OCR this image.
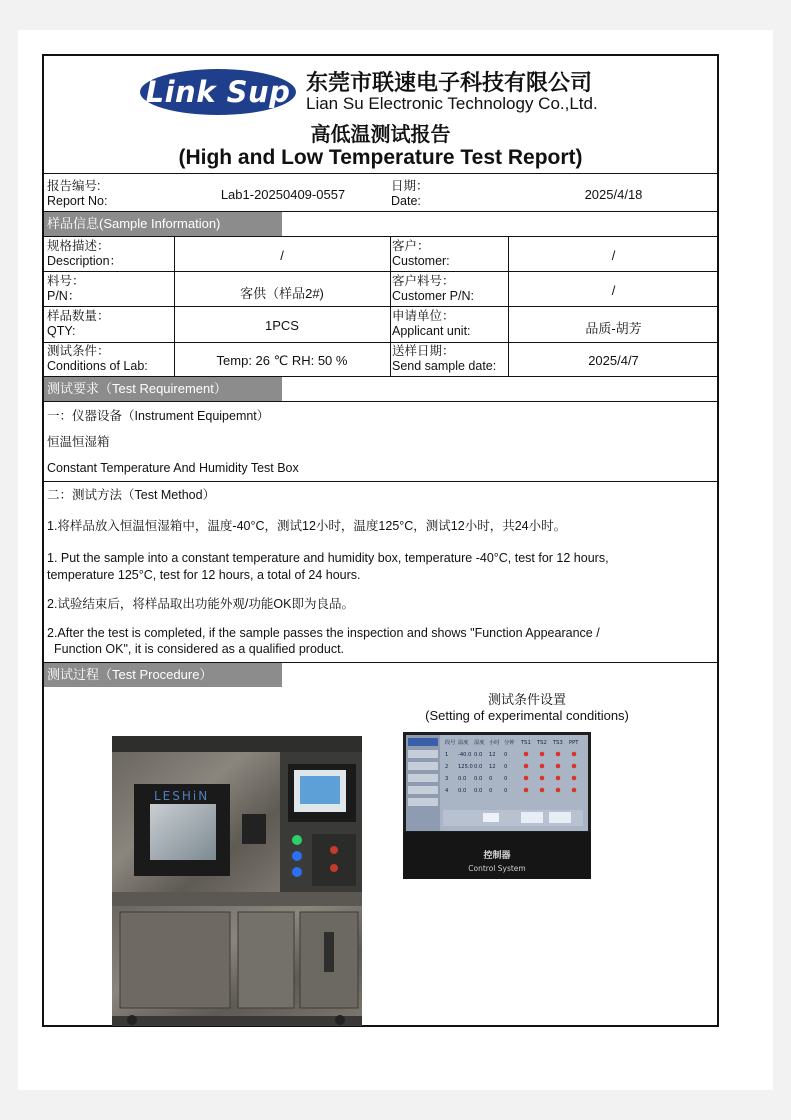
Link Sup 东莞市联速电子科技有限公司
Lian Su Electronic Technology Co.,Ltd.
高低温测试报告
(High and Low Temperature Test Report)
报告编号:
Report No:	Lab1-20250409-0557
日期：
Date:	2025/4/18
样品信息(Sample Information)
规格描述：
Description：	/
客户：
Customer:	/
料号：
P/N：	客供（样品2#)
客户料号：
Customer P/N:	/
样品数量：
QTY:	1PCS
申请单位：
Applicant unit:	品质-胡芳
测试条件：
Conditions of Lab:	Temp: 26 ℃ RH: 50 %
送样日期：
Send sample date:	2025/4/7
测试要求（Test Requirement）
一：仪器设备（Instrument Equipemnt）
恒温恒湿箱
Constant Temperature And Humidity Test Box
二：测试方法（Test Method）
1.将样品放入恒温恒湿箱中，温度-40°C，测试12小时，温度125°C，测试12小时，共24小时。
1. Put the sample into a constant temperature and humidity box, temperature -40°C, test for 12 hours,
temperature 125°C, test for 12 hours, a total of 24 hours.
2.试验结束后，将样品取出功能外观/功能OK即为良品。
2.After the test is completed, if the sample passes the inspection and shows "Function Appearance /
Function OK", it is considered as a qualified product.
测试过程（Test Procedure）
测试条件设置
(Setting of experimental conditions)
LESHiN
段号 温度 湿度 小时 分钟 TS1 TS2 TS3 PPT
1 -40.0 0.0 12 0
2 125.0 0.0 12 0
3 0.0 0.0 0 0
4 0.0 0.0 0 0
控制器
Control System
